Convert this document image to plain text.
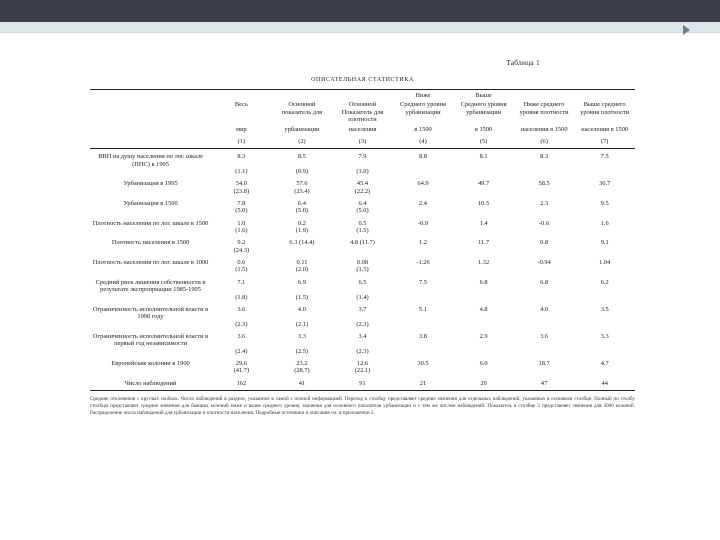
Таблица 1
ОПИСАТЕЛЬНАЯ СТАТИСТИКА

				Ниже	Выше		
	Весь	Основной показатель для	Основной Показатель для плотности	Среднего уровня урбанизации	Среднего уровня урбанизации	Ниже среднего уровня плотности	Выше среднего уровня плотности
	мир	урбанизации	населения	в 1500	в 1500	населения в 1500	населения в 1500
	(1)	(2)	(3)	(4)	(5)	(6)	(7)
ВВП на душу населения по лог. шкале (ППС) в 1995	8.3	8.5	7.9	8.8	8.1	8.3	7.5
	(1.1)	(0.9)	(1.0)				
Урбанизация в 1995	54.0	57.6	45.4	64.9	49.7	58.5	36.7
	(23.8)	(23.4)	(22.2)				
Урбанизация в 1500	7.8	6.4	6.4	2.4	10.5	2.3	9.5
	(5.0)	(5.0)	(5.0)				
Плотность населения по лог. шкале в 1500	1.0	0.2	0.5	-0.9	1.4	-0.6	1.6
	(1.6)	(1.9)	(1.5)				
Плотность населения в 1500	9.2	6.3 (14.4)	4.8 (11.7)	1.2	11.7	0.8	9.1
	(24.3)						
Плотность населения по лог. шкале в 1000	0.6	0.11	0.08	-1.26	1.32	-0.94	1.04
	(1.5)	(2.0)	(1.5)				
Средний риск лишения собственности в результате экспроприации 1985-1995	7.1	6.9	6.5	7.5	6.8	6.8	6.2
	(1.8)	(1.5)	(1.4)				
Ограниченность исполнительной власти в 1990 году	3.6	4.0	3.7	5.1	4.8	4.0	3.5
	(2.3)	(2.1)	(2.3)				
Ограниченность исполнительной власти в первый год независимости	3.6	3.3	3.4	3.8	2.9	3.6	3.3
	(2.4)	(2.5)	(2.3)				
Европейские колонии в 1900	29.6	23.2	12.6	30.5	6.0	18.7	4.7
	(41.7)	(28.7)	(22.1)				
Число наблюдений	162	41	91	21	20	47	44
Средние отклонения с круглых скобках. Число наблюдений в разделе, указанное в самой с полной информацией. Переход к столбцу представляет средние значения для отдельных наблюдений, указанных в основном столбце. Полный по столбу столбцы представляет средние значения для бывших колоний ниже и выше среднего уровня, значения для основного показателя урбанизации и с тем же числом наблюдений. Показатель в столбце 3 представляет значения для 3000 колоний. Распределение числа наблюдений для урбанизации и плотности населения. Подробные источники и описание см. в приложении 2.
